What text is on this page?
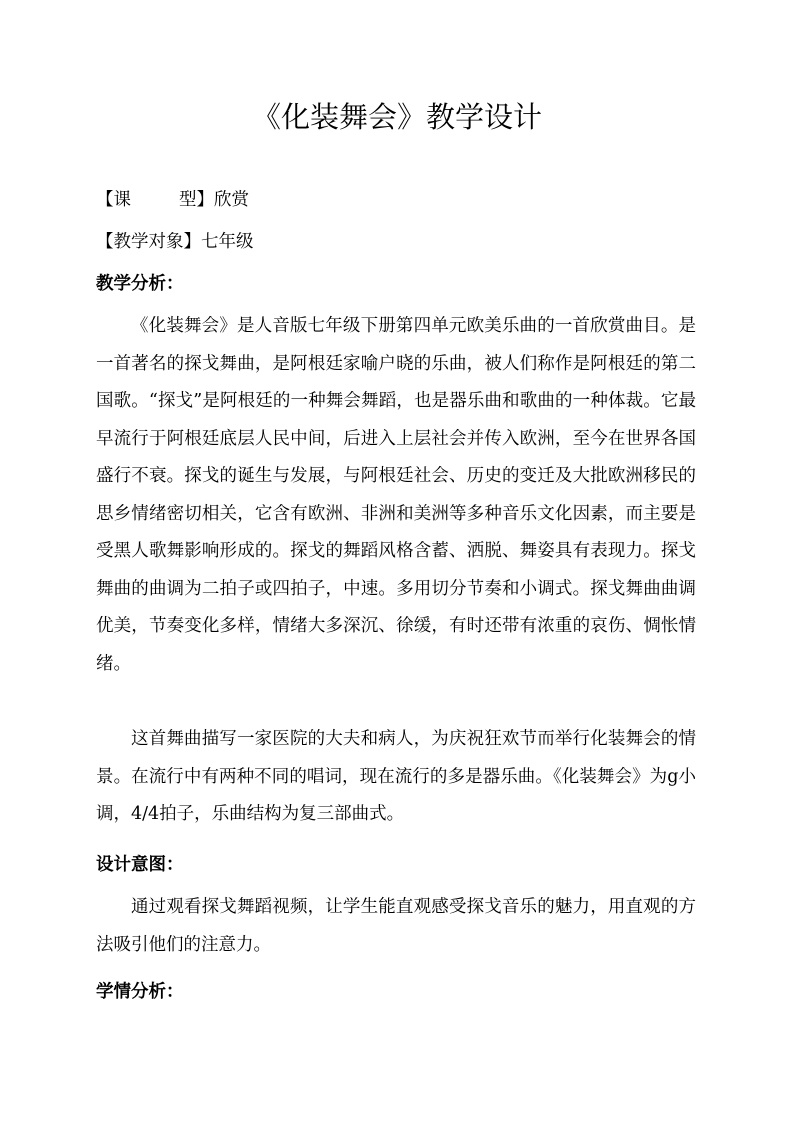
《化装舞会》教学设计

【课	型】欣赏

【教学对象】七年级

教学分析：

《化装舞会》是人音版七年级下册第四单元欧美乐曲的一首欣赏曲目。是一首著名的探戈舞曲，是阿根廷家喻户晓的乐曲，被人们称作是阿根廷的第二国歌。“探戈”是阿根廷的一种舞会舞蹈，也是器乐曲和歌曲的一种体裁。它最早流行于阿根廷底层人民中间，后进入上层社会并传入欧洲，至今在世界各国盛行不衰。探戈的诞生与发展，与阿根廷社会、历史的变迁及大批欧洲移民的思乡情绪密切相关，它含有欧洲、非洲和美洲等多种音乐文化因素，而主要是受黑人歌舞影响形成的。探戈的舞蹈风格含蓄、洒脱、舞姿具有表现力。探戈舞曲的曲调为二拍子或四拍子，中速。多用切分节奏和小调式。探戈舞曲曲调优美，节奏变化多样，情绪大多深沉、徐缓，有时还带有浓重的哀伤、惆怅情绪。

这首舞曲描写一家医院的大夫和病人，为庆祝狂欢节而举行化装舞会的情景。在流行中有两种不同的唱词，现在流行的多是器乐曲。《化装舞会》为g小调，4/4拍子，乐曲结构为复三部曲式。

设计意图：

通过观看探戈舞蹈视频，让学生能直观感受探戈音乐的魅力，用直观的方法吸引他们的注意力。

学情分析：
